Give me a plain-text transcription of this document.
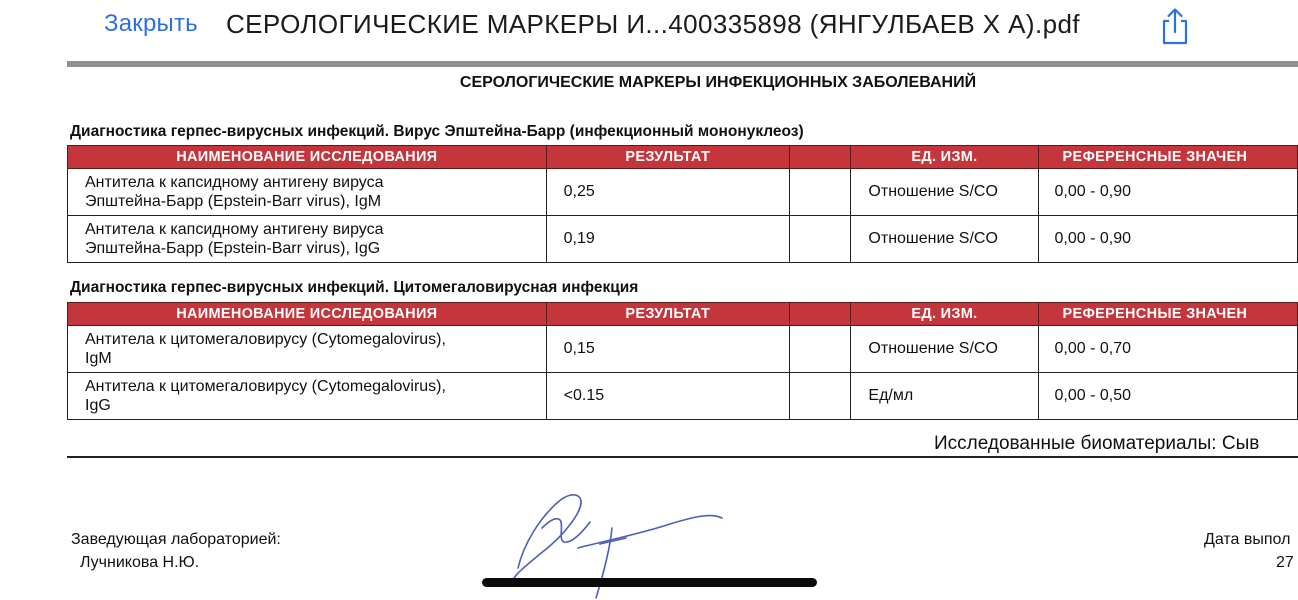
Закрыть СЕРОЛОГИЧЕСКИЕ МАРКЕРЫ И...400335898 (ЯНГУЛБАЕВ Х А).pdf
СЕРОЛОГИЧЕСКИЕ МАРКЕРЫ ИНФЕКЦИОННЫХ ЗАБОЛЕВАНИЙ
Диагностика герпес-вирусных инфекций. Вирус Эпштейна-Барр (инфекционный мононуклеоз)
НАИМЕНОВАНИЕ ИССЛЕДОВАНИЯ	РЕЗУЛЬТАТ		ЕД. ИЗМ.	РЕФЕРЕНСНЫЕ ЗНАЧЕН
Антитела к капсидному антигену вируса
Эпштейна-Барр (Epstein-Barr virus), IgM	0,25		Отношение S/CO	0,00 - 0,90
Антитела к капсидному антигену вируса
Эпштейна-Барр (Epstein-Barr virus), IgG	0,19		Отношение S/CO	0,00 - 0,90
Диагностика герпес-вирусных инфекций. Цитомегаловирусная инфекция
НАИМЕНОВАНИЕ ИССЛЕДОВАНИЯ	РЕЗУЛЬТАТ		ЕД. ИЗМ.	РЕФЕРЕНСНЫЕ ЗНАЧЕН
Антитела к цитомегаловирусу (Cytomegalovirus),
IgM	0,15		Отношение S/CO	0,00 - 0,70
Антитела к цитомегаловирусу (Cytomegalovirus),
IgG	<0.15		Ед/мл	0,00 - 0,50
Исследованные биоматериалы: Сыв
Заведующая лабораторией:
Лучникова Н.Ю.
Дата выпол
27
